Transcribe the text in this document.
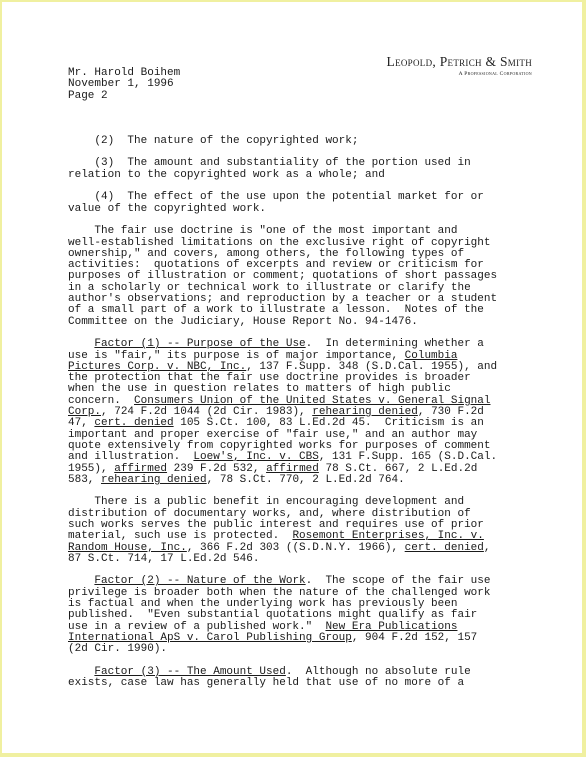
Leopold, Petrich & Smith
A Professional Corporation
Mr. Harold Boihem
November 1, 1996
Page 2
(2)  The nature of the copyrighted work;
(3)  The amount and substantiality of the portion used in
relation to the copyrighted work as a whole; and
(4)  The effect of the use upon the potential market for or
value of the copyrighted work.
The fair use doctrine is "one of the most important and
well-established limitations on the exclusive right of copyright
ownership," and covers, among others, the following types of
activities:  quotations of excerpts and review or criticism for
purposes of illustration or comment; quotations of short passages
in a scholarly or technical work to illustrate or clarify the
author's observations; and reproduction by a teacher or a student
of a small part of a work to illustrate a lesson.  Notes of the
Committee on the Judiciary, House Report No. 94-1476.
Factor (1) -- Purpose of the Use.  In determining whether a
use is "fair," its purpose is of major importance, Columbia
Pictures Corp. v. NBC, Inc., 137 F.Supp. 348 (S.D.Cal. 1955), and
the protection that the fair use doctrine provides is broader
when the use in question relates to matters of high public
concern.  Consumers Union of the United States v. General Signal
Corp., 724 F.2d 1044 (2d Cir. 1983), rehearing denied, 730 F.2d
47, cert. denied 105 S.Ct. 100, 83 L.Ed.2d 45.  Criticism is an
important and proper exercise of "fair use," and an author may
quote extensively from copyrighted works for purposes of comment
and illustration.  Loew's, Inc. v. CBS, 131 F.Supp. 165 (S.D.Cal.
1955), affirmed 239 F.2d 532, affirmed 78 S.Ct. 667, 2 L.Ed.2d
583, rehearing denied, 78 S.Ct. 770, 2 L.Ed.2d 764.
There is a public benefit in encouraging development and
distribution of documentary works, and, where distribution of
such works serves the public interest and requires use of prior
material, such use is protected.  Rosemont Enterprises, Inc. v.
Random House, Inc., 366 F.2d 303 ((S.D.N.Y. 1966), cert. denied,
87 S.Ct. 714, 17 L.Ed.2d 546.
Factor (2) -- Nature of the Work.  The scope of the fair use
privilege is broader both when the nature of the challenged work
is factual and when the underlying work has previously been
published.  "Even substantial quotations might qualify as fair
use in a review of a published work."  New Era Publications
International ApS v. Carol Publishing Group, 904 F.2d 152, 157
(2d Cir. 1990).
Factor (3) -- The Amount Used.  Although no absolute rule
exists, case law has generally held that use of no more of a
